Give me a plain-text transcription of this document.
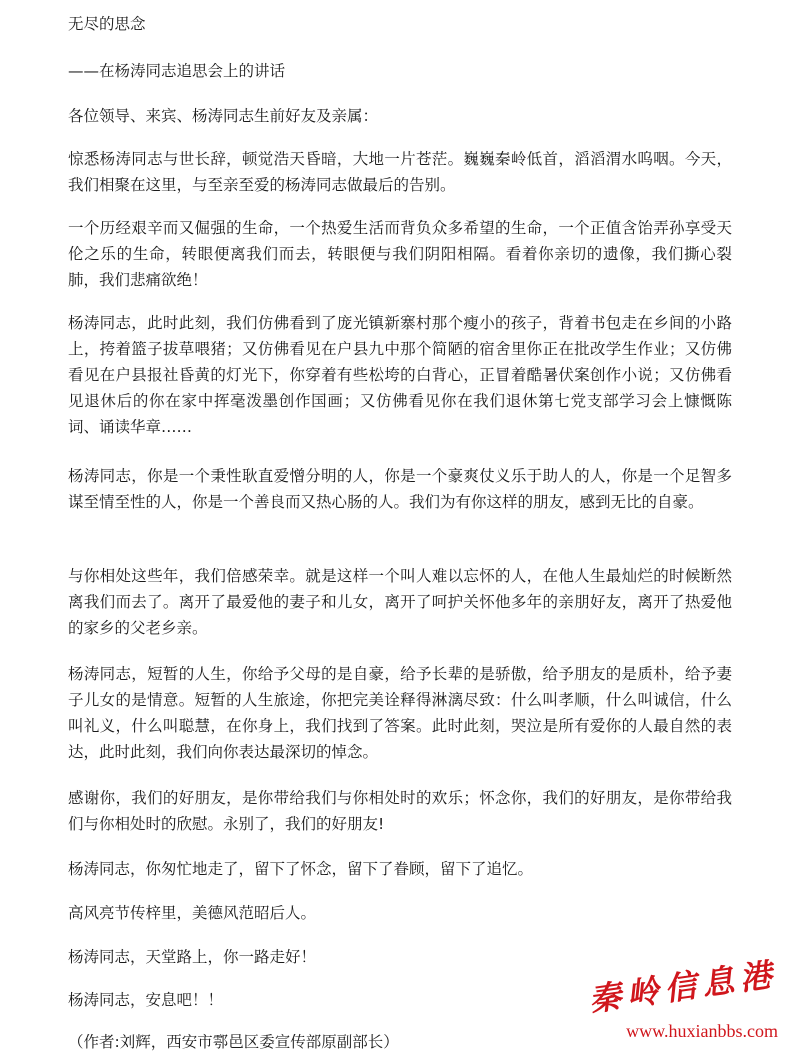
无尽的思念

——在杨涛同志追思会上的讲话

各位领导、来宾、杨涛同志生前好友及亲属：

惊悉杨涛同志与世长辞，顿觉浩天昏暗，大地一片苍茫。巍巍秦岭低首，滔滔渭水呜咽。今天，我们相聚在这里，与至亲至爱的杨涛同志做最后的告别。

一个历经艰辛而又倔强的生命，一个热爱生活而背负众多希望的生命，一个正值含饴弄孙享受天伦之乐的生命，转眼便离我们而去，转眼便与我们阴阳相隔。看着你亲切的遗像，我们撕心裂肺，我们悲痛欲绝！

杨涛同志，此时此刻，我们仿佛看到了庞光镇新寨村那个瘦小的孩子，背着书包走在乡间的小路上，挎着篮子拔草喂猪；又仿佛看见在户县九中那个简陋的宿舍里你正在批改学生作业；又仿佛看见在户县报社昏黄的灯光下，你穿着有些松垮的白背心，正冒着酷暑伏案创作小说；又仿佛看见退休后的你在家中挥毫泼墨创作国画；又仿佛看见你在我们退休第七党支部学习会上慷慨陈词、诵读华章……

杨涛同志，你是一个秉性耿直爱憎分明的人，你是一个豪爽仗义乐于助人的人，你是一个足智多谋至情至性的人，你是一个善良而又热心肠的人。我们为有你这样的朋友，感到无比的自豪。

与你相处这些年，我们倍感荣幸。就是这样一个叫人难以忘怀的人，在他人生最灿烂的时候断然离我们而去了。离开了最爱他的妻子和儿女，离开了呵护关怀他多年的亲朋好友，离开了热爱他的家乡的父老乡亲。

杨涛同志，短暂的人生，你给予父母的是自豪，给予长辈的是骄傲，给予朋友的是质朴，给予妻子儿女的是情意。短暂的人生旅途，你把完美诠释得淋漓尽致：什么叫孝顺，什么叫诚信，什么叫礼义，什么叫聪慧，在你身上，我们找到了答案。此时此刻，哭泣是所有爱你的人最自然的表达，此时此刻，我们向你表达最深切的悼念。

感谢你，我们的好朋友，是你带给我们与你相处时的欢乐；怀念你，我们的好朋友，是你带给我们与你相处时的欣慰。永别了，我们的好朋友!

杨涛同志，你匆忙地走了，留下了怀念，留下了眷顾，留下了追忆。

高风亮节传梓里，美德风范昭后人。

杨涛同志，天堂路上，你一路走好！

杨涛同志，安息吧！！

（作者:刘辉，西安市鄠邑区委宣传部原副部长）

秦岭信息港
www.huxianbbs.com
